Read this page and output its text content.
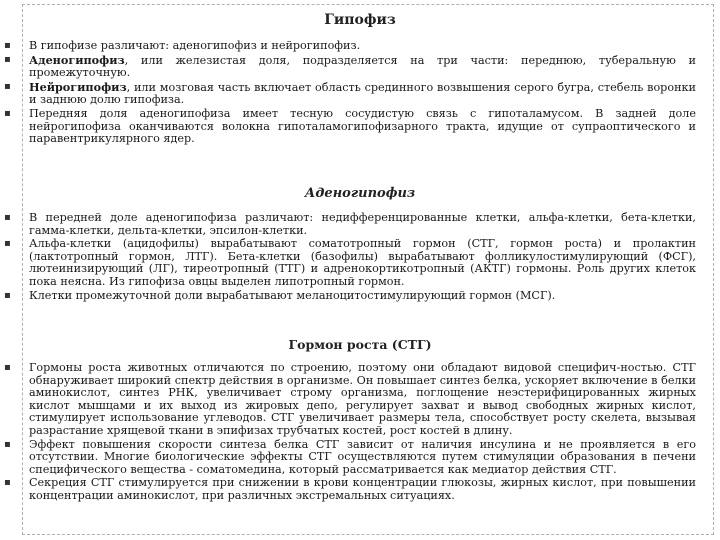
Гипофиз
▪ В гипофизе различают: аденогипофиз и нейрогипофиз.
▪ Аденогипофиз, или железистая доля, подразделяется на три части: переднюю, туберальную и промежуточную.
▪ Нейрогипофиз, или мозговая часть включает область срединного возвышения серого бугра, стебель воронки и заднюю долю гипофиза.
▪ Передняя доля аденогипофиза имеет тесную сосудистую связь с гипоталамусом. В задней доле нейрогипофиза оканчиваются волокна гипоталамогипофизарного тракта, идущие от супраоптического и паравентрикулярного ядер.
Аденогипофиз
▪ В передней доле аденогипофиза различают: недифференцированные клетки, альфа-клетки, бета-клетки, гамма-клетки, дельта-клетки, эпсилон-клетки.
▪ Альфа-клетки (ацидофилы) вырабатывают соматотропный гормон (СТГ, гормон роста) и пролактин (лактотропный гормон, ЛТГ). Бета-клетки (базофилы) вырабатывают фолликулостимулирующий (ФСГ), лютеинизирующий (ЛГ), тиреотропный (ТТГ) и адренокортикотропный (АКТГ) гормоны. Роль других клеток пока неясна. Из гипофиза овцы выделен липотропный гормон.
▪ Клетки промежуточной доли вырабатывают меланоцитостимулирующий гормон (МСГ).
Гормон роста (СТГ)
▪ Гормоны роста животных отличаются по строению, поэтому они обладают видовой специфич-ностью. СТГ обнаруживает широкий спектр действия в организме. Он повышает синтез белка, ускоряет включение в белки аминокислот, синтез РНК, увеличивает строму организма, поглощение неэстерифицированных жирных кислот мышцами и их выход из жировых депо, регулирует захват и вывод свободных жирных кислот, стимулирует использование углеводов. СТГ увеличивает размеры тела, способствует росту скелета, вызывая разрастание хрящевой ткани в эпифизах трубчатых костей, рост костей в длину.
▪ Эффект повышения скорости синтеза белка СТГ зависит от наличия инсулина и не проявляется в его отсутствии. Многие биологические эффекты СТГ осуществляются путем стимуляции образования в печени специфического вещества - соматомедина, который рассматривается как медиатор действия СТГ.
▪ Секреция СТГ стимулируется при снижении в крови концентрации глюкозы, жирных кислот, при повышении концентрации аминокислот, при различных экстремальных ситуациях.
